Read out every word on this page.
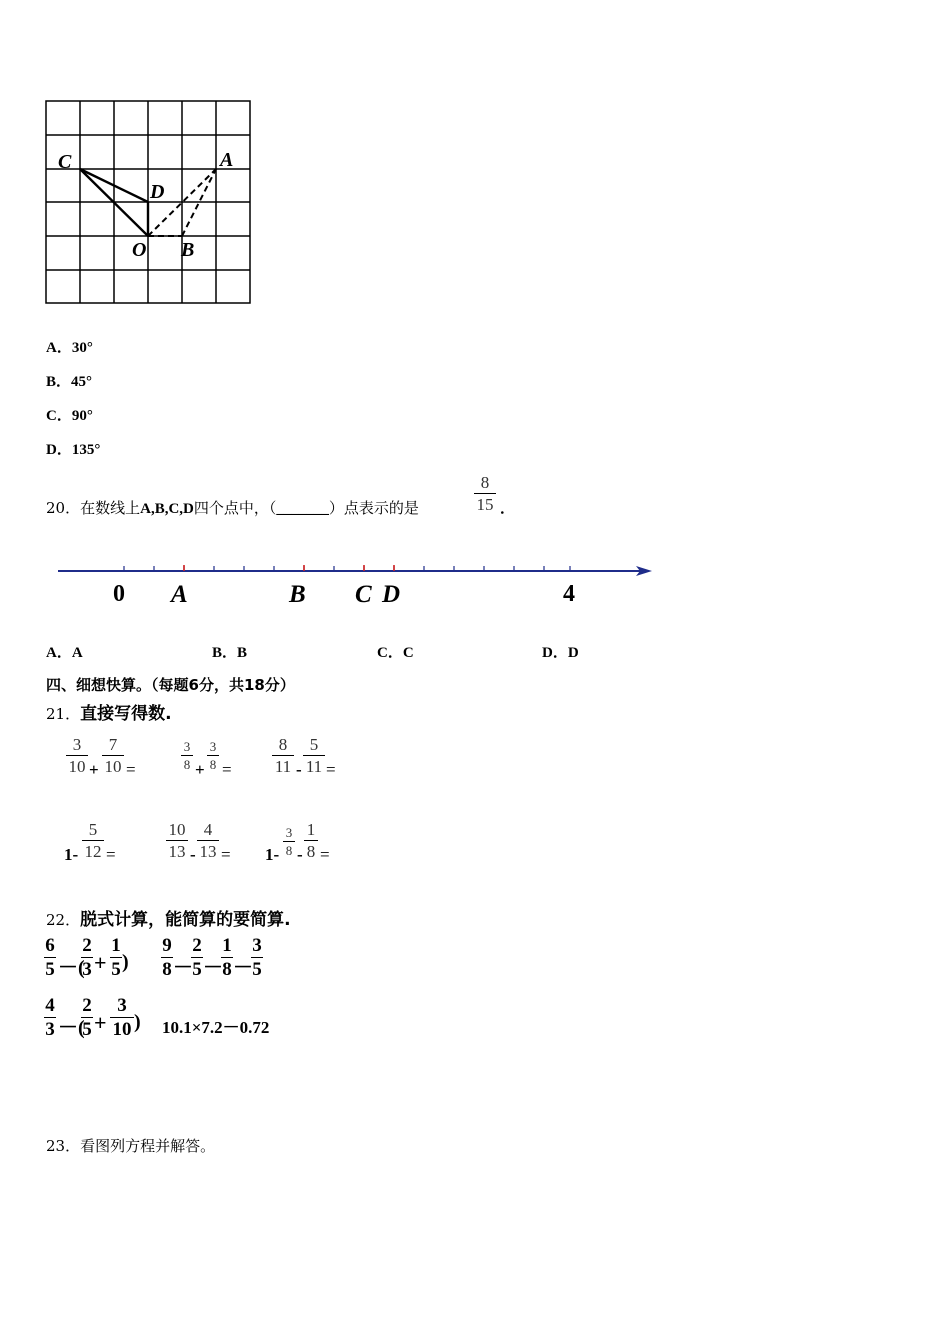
C	A
D
O B
A．30°
B．45°
C．90°
D．135°
20．在数线上A,B,C,D四个点中，（_______）点表示的是
8
15 ．
0	4
A	B C D
A．A	B．B	C．C	D．D
四、细想快算。（每题6分，共18分）
21．直接写得数.
3
10 +
7
10 =
3
8 +
3
8 =
8
11 -
5
11 =
1-
5
12 =
10
13 -
4
13 = 1-
3
8 -
1
8 =
22．脱式计算，能简算的要简算.
6
5 －(
2
3 +
1
5 )
9
8 －
2
5 －
1
8 －
3
5
4
3 －(
2
5 +
3
10 ) 10.1×7.2－0.72
23．看图列方程并解答。
